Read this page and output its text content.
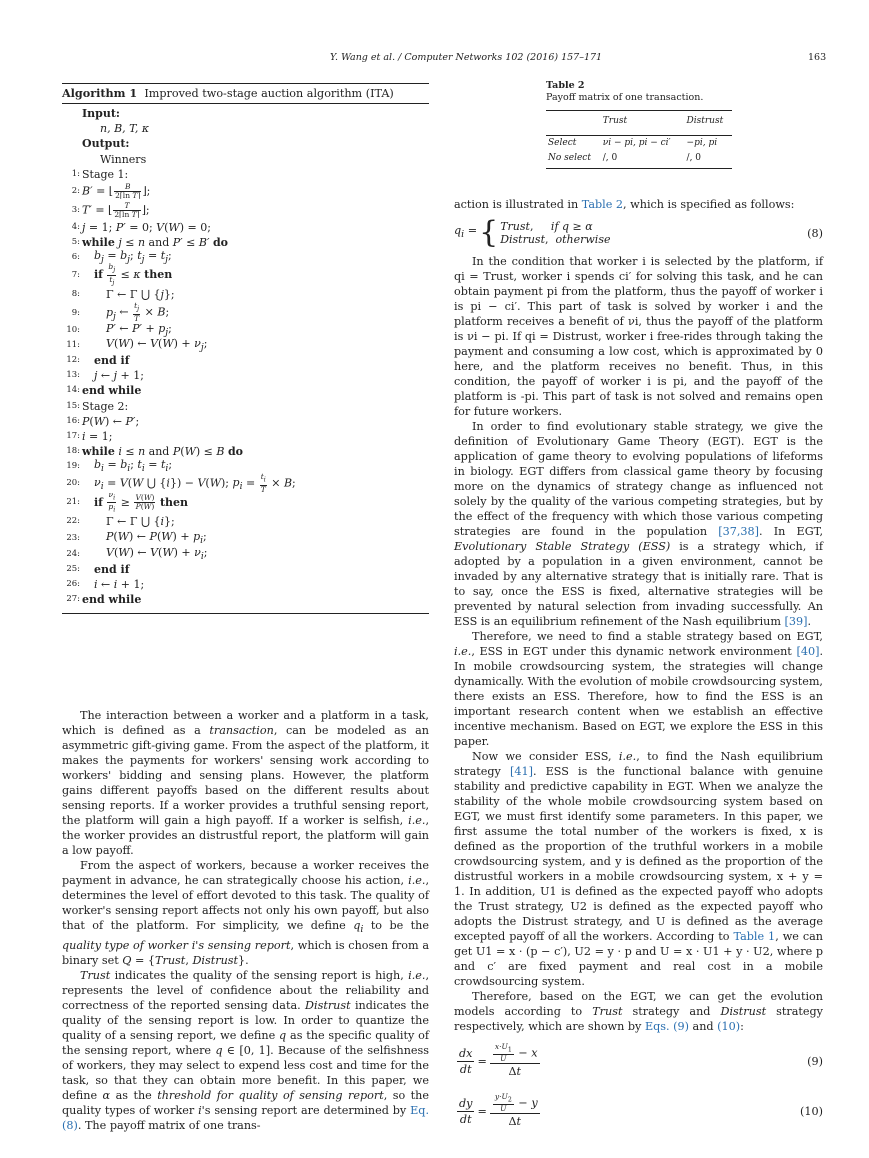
Y. Wang et al. / Computer Networks 102 (2016) 157–171	163
Algorithm 1 Improved two-stage auction algorithm (ITA)
Input:
n, B, T, κ
Output:
Winners
1: Stage 1:
2: B′ = ⌊ $\frac{B}{\text{2⌈ln T⌉}}$ ⌋;
3: T′ = ⌊ $\frac{T}{\text{2⌈ln T⌉}}$ ⌋;
4: j = 1; P′ = 0; V(W) = 0;
5: while j ≤ n and P′ ≤ B′ do
6:	$b_j = b_j$; $t_j = t_j$;
7:	if $\frac{b_j}{t_j} \le \kappa$ then
8:	Γ ← Γ ⋃ {j};
9:	$p_j$ ← $\frac{t_j}{T} \times B$;
10:	P′ ← $P' + p_j$;
11:	V(W) ← $V(W) + \nu_j$;
12:	end if
13:	j ← j + 1;
14: end while
15: Stage 2:
16: P(W) ← P′;
17: i = 1;
18: while i ≤ n and P(W) ≤ B do
19:	$b_i = b_i$; $t_i = t_i$;
20:	$\nu_i = V(W$ ⋃ {i}) − V(W); $p_i = \frac{t_i}{T} \times B$;
21:	if $\frac{\nu_i}{p_i} \ge \frac{V(W)}{P(W)}$ then
22:	Γ ← Γ ⋃ {i};
23:	P(W) ← $P(W) + p_i$;
24:	V(W) ← $V(W) + \nu_i$;
25:	end if
26:	i ← i + 1;
27: end while

The interaction between a worker and a platform in a task, which is defined as a transaction, can be modeled as an asymmetric gift-giving game. From the aspect of the platform, it makes the payments for workers' sensing work according to workers' bidding and sensing plans. However, the platform gains different payoffs based on the different results about sensing reports. If a worker provides a truthful sensing report, the platform will gain a high payoff. If a worker is selfish, i.e., the worker provides an distrustful report, the platform will gain a low payoff.

From the aspect of workers, because a worker receives the payment in advance, he can strategically choose his action, i.e., determines the level of effort devoted to this task. The quality of worker's sensing report affects not only his own payoff, but also that of the platform. For simplicity, we define $q_i$ to be the quality type of worker i's sensing report, which is chosen from a binary set Q = {Trust, Distrust}.

Trust indicates the quality of the sensing report is high, i.e., represents the level of confidence about the reliability and correctness of the reported sensing data. Distrust indicates the quality of the sensing report is low. In order to quantize the quality of a sensing report, we define q as the specific quality of the sensing report, where q ∈ [0, 1]. Because of the selfishness of workers, they may select to expend less cost and time for the task, so that they can obtain more benefit. In this paper, we define α as the threshold for quality of sensing report, so the quality types of worker i's sensing report are determined by Eq. (8). The payoff matrix of one trans-

Table 2
Payoff matrix of one transaction.
	Trust	Distrust
Select	νi − pi, pi − ci′	−pi, pi
No select	/, 0	/, 0

action is illustrated in Table 2, which is specified as follows:

$q_i$ = { Trust,     if q ≥ α
Distrust,  otherwise	(8)

In the condition that worker i is selected by the platform, if qi = Trust, worker i spends ci′ for solving this task, and he can obtain payment pi from the platform, thus the payoff of worker i is pi − ci′. This part of task is solved by worker i and the platform receives a benefit of νi, thus the payoff of the platform is νi − pi. If qi = Distrust, worker i free-rides through taking the payment and consuming a low cost, which is approximated by 0 here, and the platform receives no benefit. Thus, in this condition, the payoff of worker i is pi, and the payoff of the platform is -pi. This part of task is not solved and remains open for future workers.

In order to find evolutionary stable strategy, we give the definition of Evolutionary Game Theory (EGT). EGT is the application of game theory to evolving populations of lifeforms in biology. EGT differs from classical game theory by focusing more on the dynamics of strategy change as influenced not solely by the quality of the various competing strategies, but by the effect of the frequency with which those various competing strategies are found in the population [37,38]. In EGT, Evolutionary Stable Strategy (ESS) is a strategy which, if adopted by a population in a given environment, cannot be invaded by any alternative strategy that is initially rare. That is to say, once the ESS is fixed, alternative strategies will be prevented by natural selection from invading successfully. An ESS is an equilibrium refinement of the Nash equilibrium [39].

Therefore, we need to find a stable strategy based on EGT, i.e., ESS in EGT under this dynamic network environment [40]. In mobile crowdsourcing system, the strategies will change dynamically. With the evolution of mobile crowdsourcing system, there exists an ESS. Therefore, how to find the ESS is an important research content when we establish an effective incentive mechanism. Based on EGT, we explore the ESS in this paper.

Now we consider ESS, i.e., to find the Nash equilibrium strategy [41]. ESS is the functional balance with genuine stability and predictive capability in EGT. When we analyze the stability of the whole mobile crowdsourcing system based on EGT, we must first identify some parameters. In this paper, we first assume the total number of the workers is fixed, x is defined as the proportion of the truthful workers in a mobile crowdsourcing system, and y is defined as the proportion of the distrustful workers in a mobile crowdsourcing system, x + y = 1. In addition, U1 is defined as the expected payoff who adopts the Trust strategy, U2 is defined as the expected payoff who adopts the Distrust strategy, and U is defined as the average excepted payoff of all the workers. According to Table 1, we can get U1 = x · (p − c′), U2 = y · p and U = x · U1 + y · U2, where p and c′ are fixed payment and real cost in a mobile crowdsourcing system.

Therefore, based on the EGT, we can get the evolution models according to Trust strategy and Distrust strategy respectively, which are shown by Eqs. (9) and (10):

$\frac{dx}{dt} = \frac{\frac{x\cdot U_1}{U} - x}{\Delta t}$	(9)
$\frac{dy}{dt} = \frac{\frac{y\cdot U_2}{U} - y}{\Delta t}$	(10)
